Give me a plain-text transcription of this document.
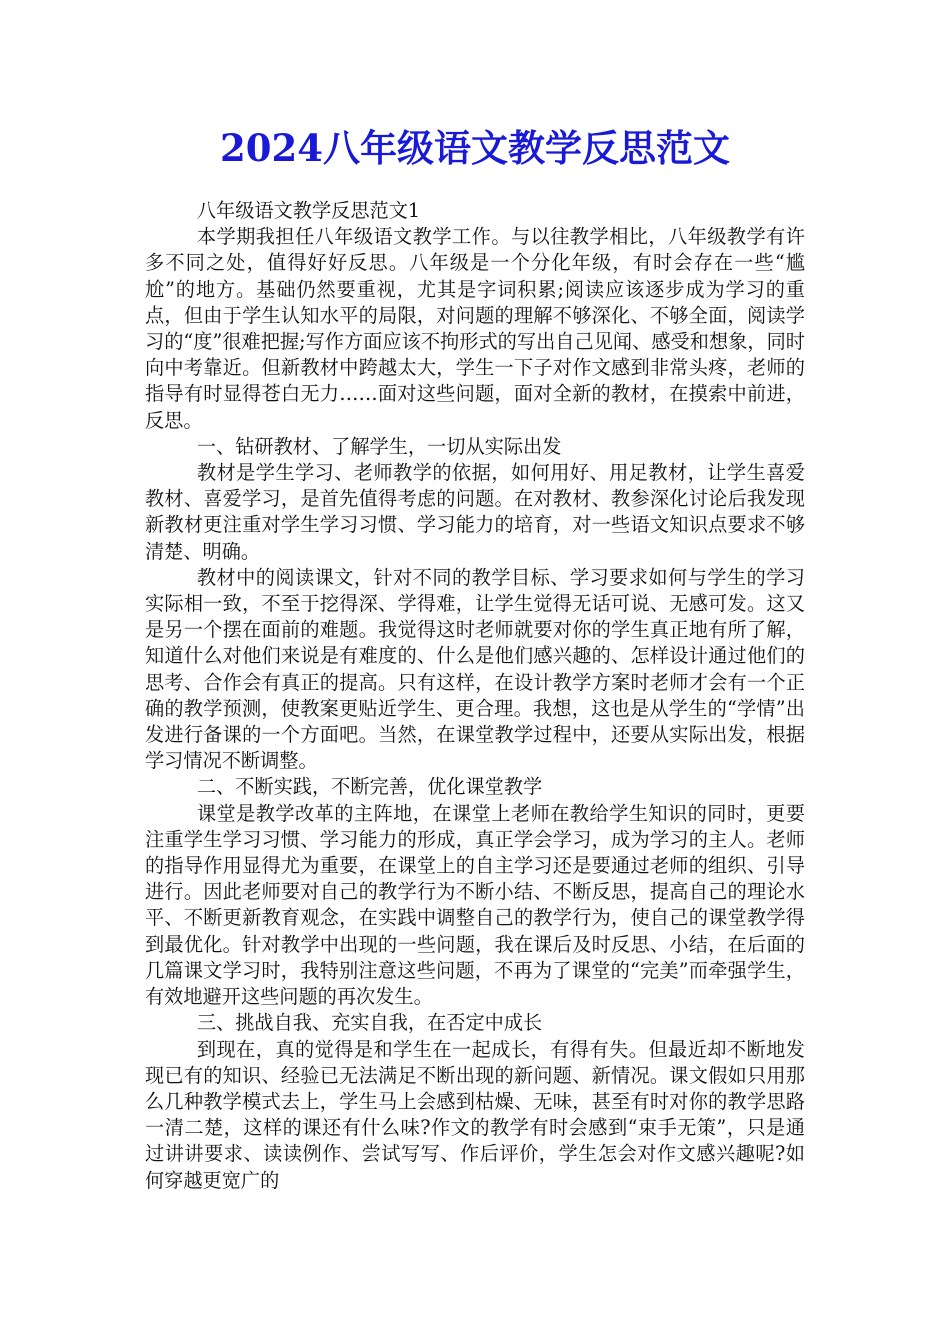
2024八年级语文教学反思范文

八年级语文教学反思范文1

本学期我担任八年级语文教学工作。与以往教学相比，八年级教学有许多不同之处，值得好好反思。八年级是一个分化年级，有时会存在一些“尴尬”的地方。基础仍然要重视，尤其是字词积累;阅读应该逐步成为学习的重点，但由于学生认知水平的局限，对问题的理解不够深化、不够全面，阅读学习的“度”很难把握;写作方面应该不拘形式的写出自己见闻、感受和想象，同时向中考靠近。但新教材中跨越太大，学生一下子对作文感到非常头疼，老师的指导有时显得苍白无力……面对这些问题，面对全新的教材，在摸索中前进，反思。

一、钻研教材、了解学生，一切从实际出发

教材是学生学习、老师教学的依据，如何用好、用足教材，让学生喜爱教材、喜爱学习，是首先值得考虑的问题。在对教材、教参深化讨论后我发现新教材更注重对学生学习习惯、学习能力的培育，对一些语文知识点要求不够清楚、明确。

教材中的阅读课文，针对不同的教学目标、学习要求如何与学生的学习实际相一致，不至于挖得深、学得难，让学生觉得无话可说、无感可发。这又是另一个摆在面前的难题。我觉得这时老师就要对你的学生真正地有所了解，知道什么对他们来说是有难度的、什么是他们感兴趣的、怎样设计通过他们的思考、合作会有真正的提高。只有这样，在设计教学方案时老师才会有一个正确的教学预测，使教案更贴近学生、更合理。我想，这也是从学生的“学情”出发进行备课的一个方面吧。当然，在课堂教学过程中，还要从实际出发，根据学习情况不断调整。

二、不断实践，不断完善，优化课堂教学

课堂是教学改革的主阵地，在课堂上老师在教给学生知识的同时，更要注重学生学习习惯、学习能力的形成，真正学会学习，成为学习的主人。老师的指导作用显得尤为重要，在课堂上的自主学习还是要通过老师的组织、引导进行。因此老师要对自己的教学行为不断小结、不断反思，提高自己的理论水平、不断更新教育观念，在实践中调整自己的教学行为，使自己的课堂教学得到最优化。针对教学中出现的一些问题，我在课后及时反思、小结，在后面的几篇课文学习时，我特别注意这些问题，不再为了课堂的“完美”而牵强学生，有效地避开这些问题的再次发生。

三、挑战自我、充实自我，在否定中成长

到现在，真的觉得是和学生在一起成长，有得有失。但最近却不断地发现已有的知识、经验已无法满足不断出现的新问题、新情况。课文假如只用那么几种教学模式去上，学生马上会感到枯燥、无味，甚至有时对你的教学思路一清二楚，这样的课还有什么味?作文的教学有时会感到“束手无策”，只是通过讲讲要求、读读例作、尝试写写、作后评价，学生怎会对作文感兴趣呢?如何穿越更宽广的
